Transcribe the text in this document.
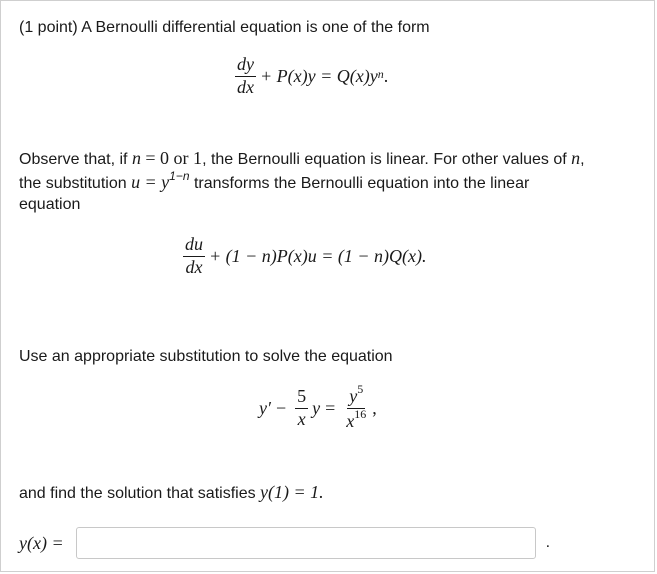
(1 point) A Bernoulli differential equation is one of the form
$\frac{dy}{dx} + P(x)y = Q(x)y$ n .
Observe that, if n = 0 or 1, the Bernoulli equation is linear. For other values of n,
the substitution $u = y^{1-n}$ transforms the Bernoulli equation into the linear
equation
$\frac{du}{dx} + (1 - n)P(x)u = (1 - n)Q(x)$.
Use an appropriate substitution to solve the equation
$y' - \frac{5}{x}$ $y = \frac{y^5}{x^{16}}$ ,
and find the solution that satisfies y(1) = 1.
y(x) =	.
